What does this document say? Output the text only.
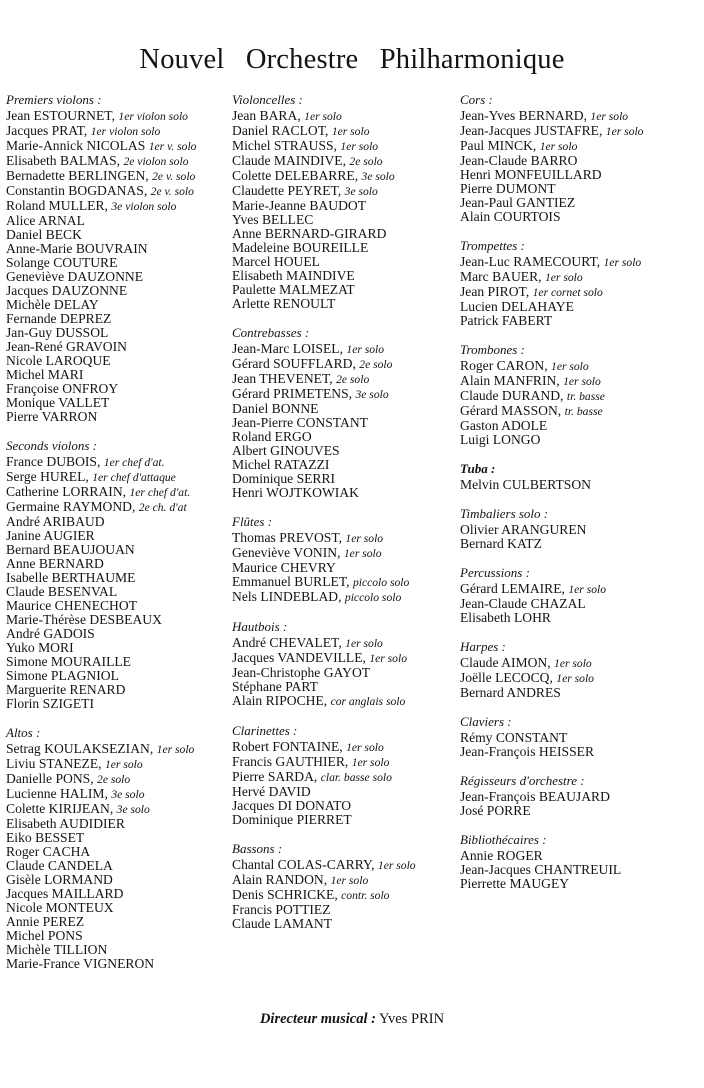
Nouvel Orchestre Philharmonique
Premiers violons :
Jean ESTOURNET, 1er violon solo
Jacques PRAT, 1er violon solo
Marie-Annick NICOLAS 1er v. solo
Elisabeth BALMAS, 2e violon solo
Bernadette BERLINGEN, 2e v. solo
Constantin BOGDANAS, 2e v. solo
Roland MULLER, 3e violon solo
Alice ARNAL
Daniel BECK
Anne-Marie BOUVRAIN
Solange COUTURE
Geneviève DAUZONNE
Jacques DAUZONNE
Michèle DELAY
Fernande DEPREZ
Jan-Guy DUSSOL
Jean-René GRAVOIN
Nicole LAROQUE
Michel MARI
Françoise ONFROY
Monique VALLET
Pierre VARRON
Seconds violons :
France DUBOIS, 1er chef d'at.
Serge HUREL, 1er chef d'attaque
Catherine LORRAIN, 1er chef d'at.
Germaine RAYMOND, 2e ch. d'at
André ARIBAUD
Janine AUGIER
Bernard BEAUJOUAN
Anne BERNARD
Isabelle BERTHAUME
Claude BESENVAL
Maurice CHENECHOT
Marie-Thérèse DESBEAUX
André GADOIS
Yuko MORI
Simone MOURAILLE
Simone PLAGNIOL
Marguerite RENARD
Florin SZIGETI
Altos :
Setrag KOULAKSEZIAN, 1er solo
Liviu STANEZE, 1er solo
Danielle PONS, 2e solo
Lucienne HALIM, 3e solo
Colette KIRIJEAN, 3e solo
Elisabeth AUDIDIER
Eiko BESSET
Roger CACHA
Claude CANDELA
Gisèle LORMAND
Jacques MAILLARD
Nicole MONTEUX
Annie PEREZ
Michel PONS
Michèle TILLION
Marie-France VIGNERON
Violoncelles :
Jean BARA, 1er solo
Daniel RACLOT, 1er solo
Michel STRAUSS, 1er solo
Claude MAINDIVE, 2e solo
Colette DELEBARRE, 3e solo
Claudette PEYRET, 3e solo
Marie-Jeanne BAUDOT
Yves BELLEC
Anne BERNARD-GIRARD
Madeleine BOUREILLE
Marcel HOUEL
Elisabeth MAINDIVE
Paulette MALMEZAT
Arlette RENOULT
Contrebasses :
Jean-Marc LOISEL, 1er solo
Gérard SOUFFLARD, 2e solo
Jean THEVENET, 2e solo
Gérard PRIMETENS, 3e solo
Daniel BONNE
Jean-Pierre CONSTANT
Roland ERGO
Albert GINOUVES
Michel RATAZZI
Dominique SERRI
Henri WOJTKOWIAK
Flûtes :
Thomas PREVOST, 1er solo
Geneviève VONIN, 1er solo
Maurice CHEVRY
Emmanuel BURLET, piccolo solo
Nels LINDEBLAD, piccolo solo
Hautbois :
André CHEVALET, 1er solo
Jacques VANDEVILLE, 1er solo
Jean-Christophe GAYOT
Stéphane PART
Alain RIPOCHE, cor anglais solo
Clarinettes :
Robert FONTAINE, 1er solo
Francis GAUTHIER, 1er solo
Pierre SARDA, clar. basse solo
Hervé DAVID
Jacques DI DONATO
Dominique PIERRET
Bassons :
Chantal COLAS-CARRY, 1er solo
Alain RANDON, 1er solo
Denis SCHRICKE, contr. solo
Francis POTTIEZ
Claude LAMANT
Cors :
Jean-Yves BERNARD, 1er solo
Jean-Jacques JUSTAFRE, 1er solo
Paul MINCK, 1er solo
Jean-Claude BARRO
Henri MONFEUILLARD
Pierre DUMONT
Jean-Paul GANTIEZ
Alain COURTOIS
Trompettes :
Jean-Luc RAMECOURT, 1er solo
Marc BAUER, 1er solo
Jean PIROT, 1er cornet solo
Lucien DELAHAYE
Patrick FABERT
Trombones :
Roger CARON, 1er solo
Alain MANFRIN, 1er solo
Claude DURAND, tr. basse
Gérard MASSON, tr. basse
Gaston ADOLE
Luigi LONGO
Tuba :
Melvin CULBERTSON
Timbaliers solo :
Olivier ARANGUREN
Bernard KATZ
Percussions :
Gérard LEMAIRE, 1er solo
Jean-Claude CHAZAL
Elisabeth LOHR
Harpes :
Claude AIMON, 1er solo
Joëlle LECOCQ, 1er solo
Bernard ANDRES
Claviers :
Rémy CONSTANT
Jean-François HEISSER
Régisseurs d'orchestre :
Jean-François BEAUJARD
José PORRE
Bibliothécaires :
Annie ROGER
Jean-Jacques CHANTREUIL
Pierrette MAUGEY
Directeur musical : Yves PRIN
